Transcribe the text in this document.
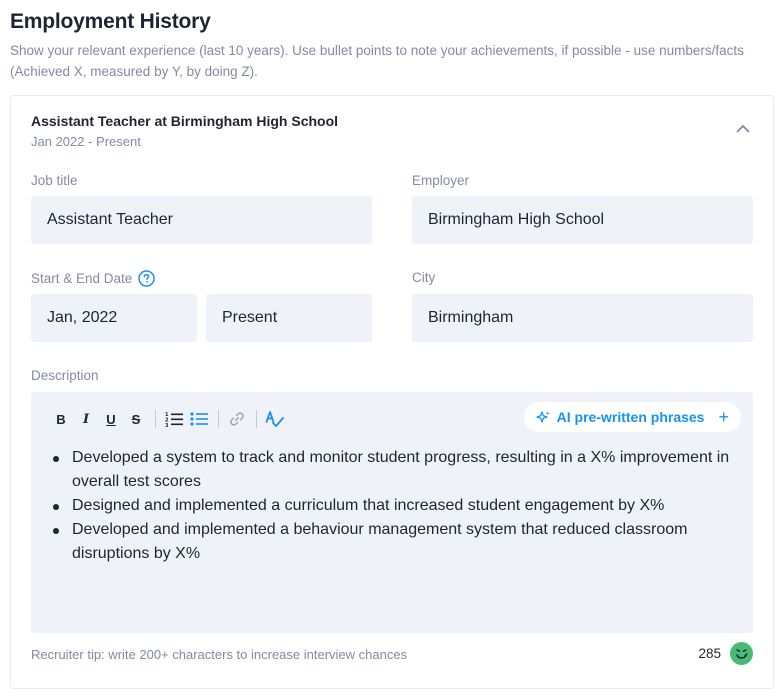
Employment History
Show your relevant experience (last 10 years). Use bullet points to note your achievements, if possible - use numbers/facts (Achieved X, measured by Y, by doing Z).
Assistant Teacher at Birmingham High School
Jan 2022 - Present
Job title
Assistant Teacher
Employer
Birmingham High School
Start & End Date
Jan, 2022	Present
City
Birmingham
Description
B	I	U	S	1
2
3
AI pre-written phrases +
Developed a system to track and monitor student progress, resulting in a X% improvement in overall test scores
Designed and implemented a curriculum that increased student engagement by X%
Developed and implemented a behaviour management system that reduced classroom disruptions by X%
Recruiter tip: write 200+ characters to increase interview chances	285
